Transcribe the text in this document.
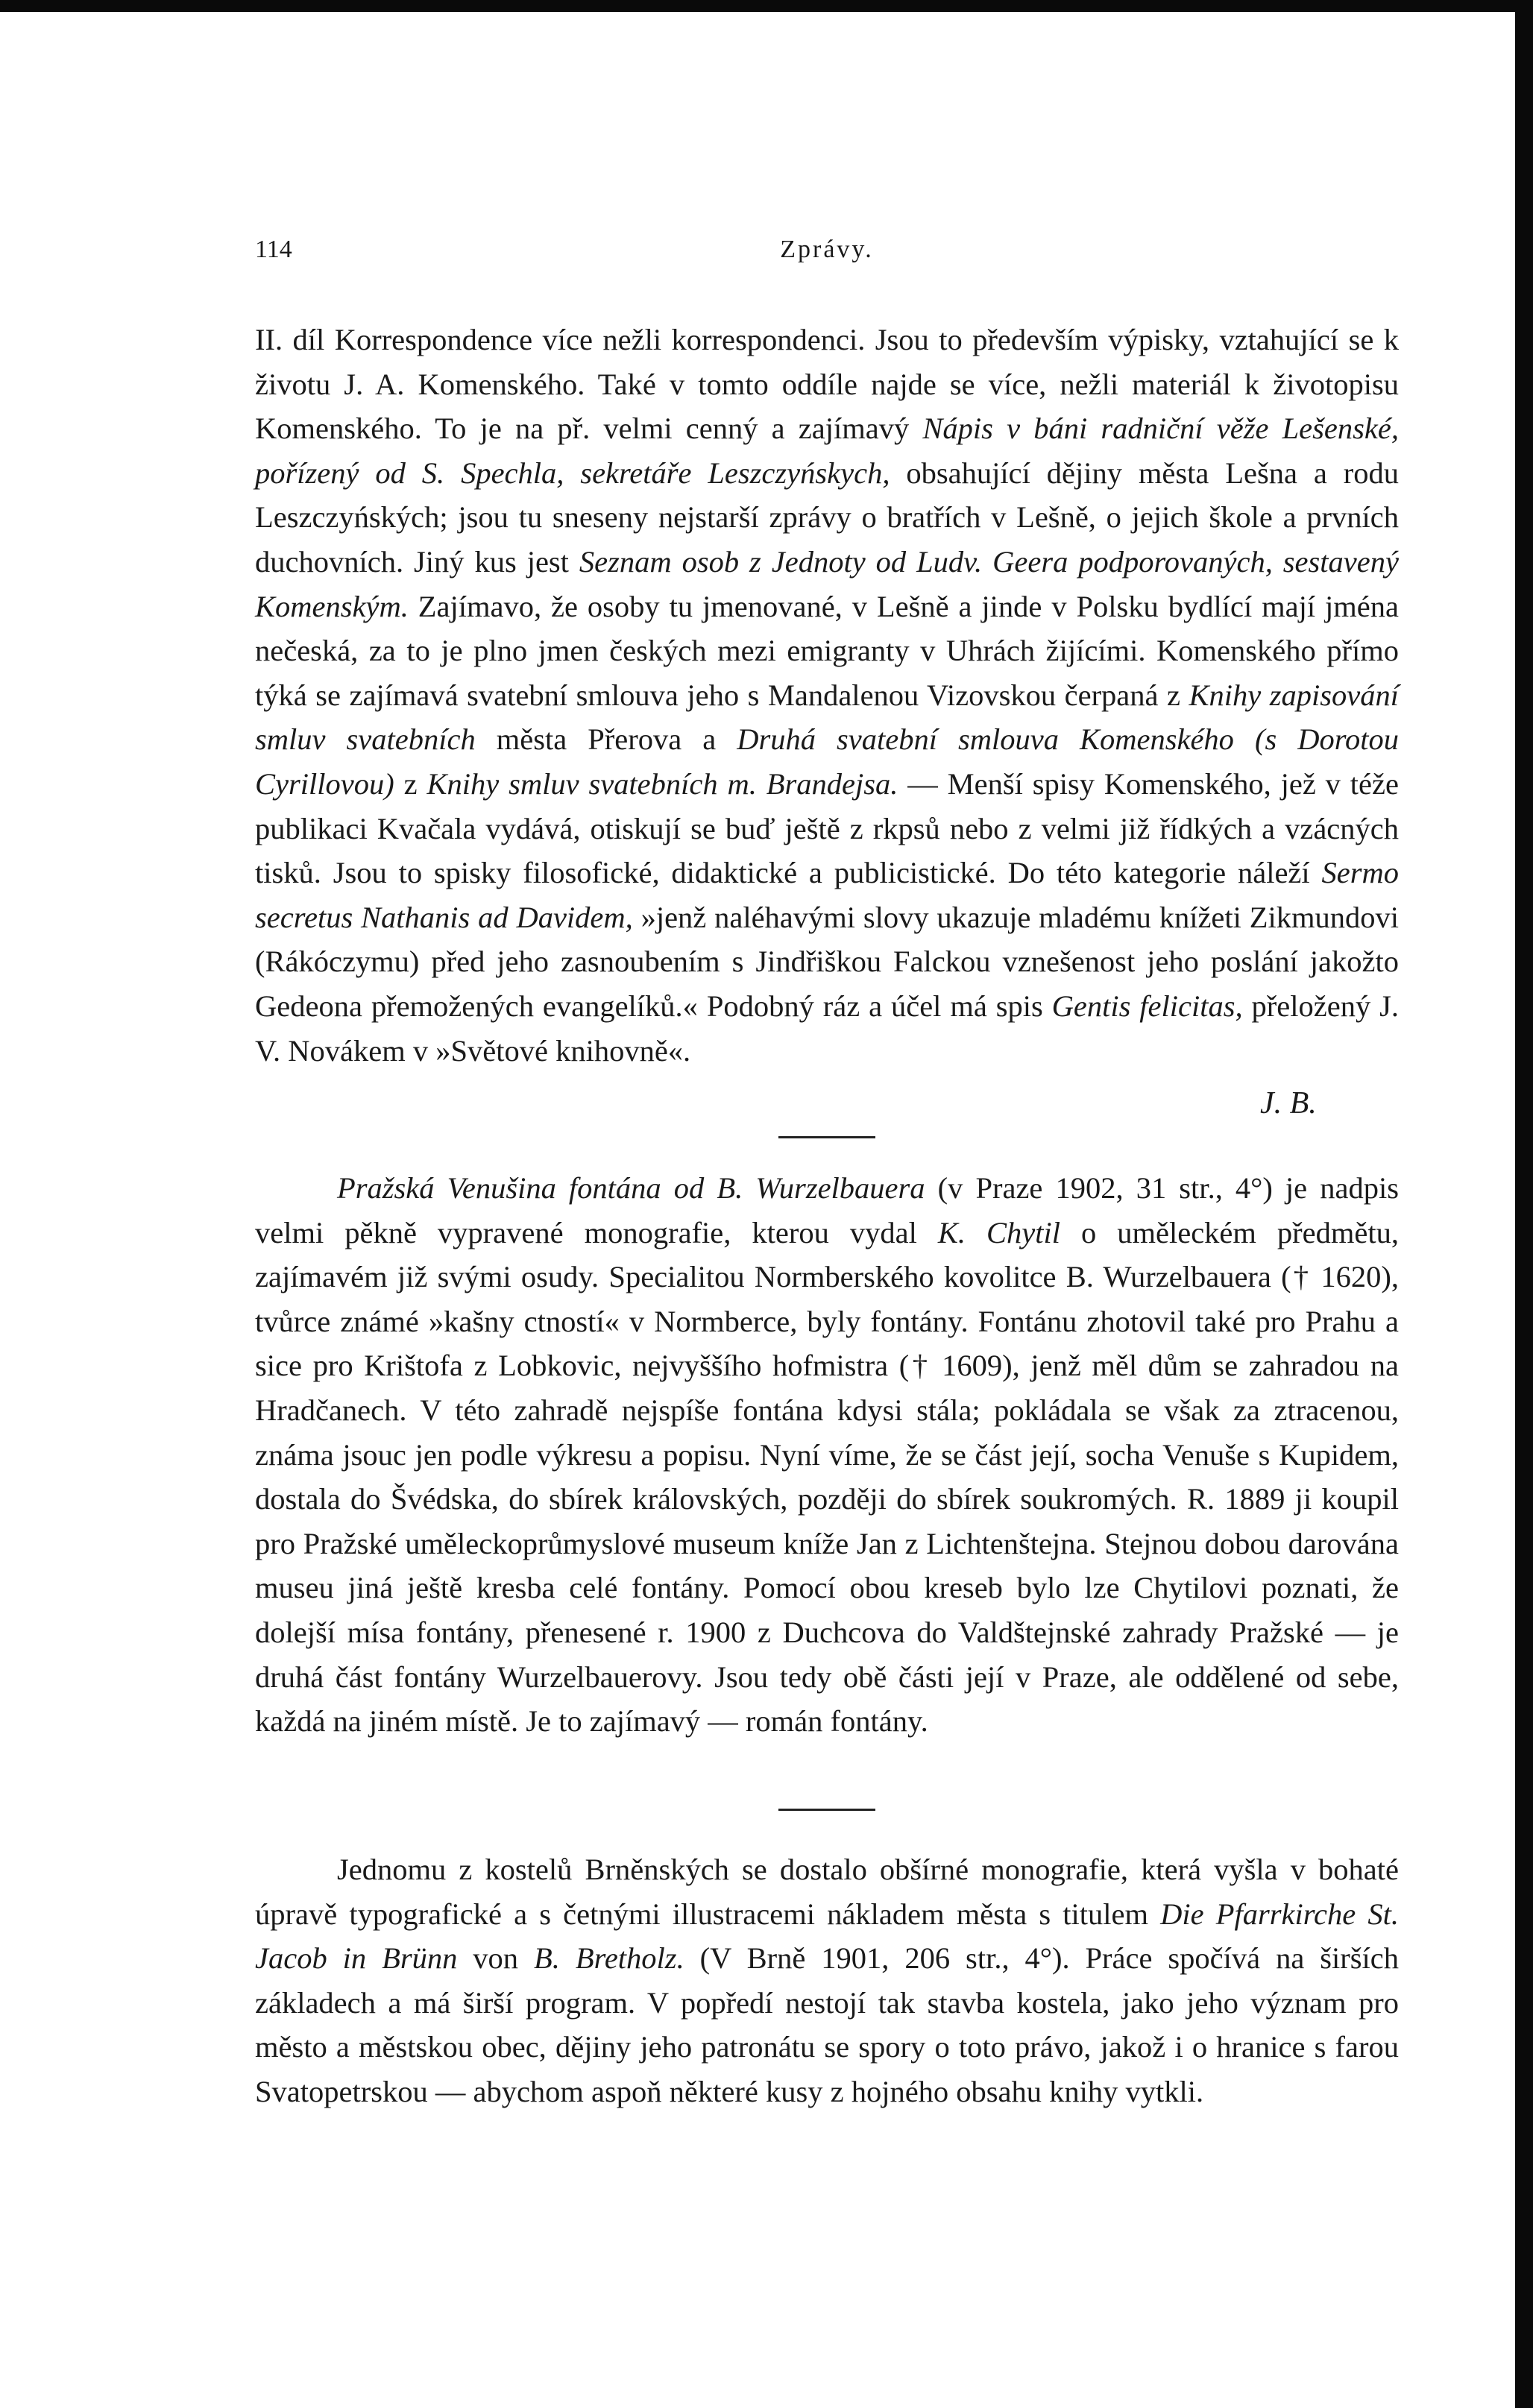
114	Zprávy.

II. díl Korrespondence více nežli korrespondenci. Jsou to především výpisky, vztahující se k životu J. A. Komenského. Také v tomto oddíle najde se více, nežli materiál k životopisu Komenského. To je na př. velmi cenný a zajímavý Nápis v báni radniční věže Lešenské, pořízený od S. Spechla, sekretáře Leszczyńskych, obsahující dějiny města Lešna a rodu Leszczyńských; jsou tu sneseny nejstarší zprávy o bratřích v Lešně, o jejich škole a prvních duchovních. Jiný kus jest Seznam osob z Jednoty od Ludv. Geera podporovaných, sestavený Komenským. Zajímavo, že osoby tu jmenované, v Lešně a jinde v Polsku bydlící mají jména nečeská, za to je plno jmen českých mezi emigranty v Uhrách žijícími. Komenského přímo týká se zajímavá svatební smlouva jeho s Mandalenou Vizovskou čerpaná z Knihy zapisování smluv svatebních města Přerova a Druhá svatební smlouva Komenského (s Dorotou Cyrillovou) z Knihy smluv svatebních m. Brandejsa. — Menší spisy Komenského, jež v téže publikaci Kvačala vydává, otiskují se buď ještě z rkpsů nebo z velmi již řídkých a vzácných tisků. Jsou to spisky filosofické, didaktické a publicistické. Do této kategorie náleží Sermo secretus Nathanis ad Davidem, »jenž naléhavými slovy ukazuje mladému knížeti Zikmundovi (Rákóczymu) před jeho zasnoubením s Jindřiškou Falckou vznešenost jeho poslání jakožto Gedeona přemožených evangelíků.« Podobný ráz a účel má spis Gentis felicitas, přeložený J. V. Novákem v »Světové knihovně«.

J. B.

Pražská Venušina fontána od B. Wurzelbauera (v Praze 1902, 31 str., 4°) je nadpis velmi pěkně vypravené monografie, kterou vydal K. Chytil o uměleckém předmětu, zajímavém již svými osudy. Specialitou Normberského kovolitce B. Wurzelbauera († 1620), tvůrce známé »kašny ctností« v Normberce, byly fontány. Fontánu zhotovil také pro Prahu a sice pro Krištofa z Lobkovic, nejvyššího hofmistra († 1609), jenž měl dům se zahradou na Hradčanech. V této zahradě nejspíše fontána kdysi stála; pokládala se však za ztracenou, známa jsouc jen podle výkresu a popisu. Nyní víme, že se část její, socha Venuše s Kupidem, dostala do Švédska, do sbírek královských, později do sbírek soukromých. R. 1889 ji koupil pro Pražské uměleckoprůmyslové museum kníže Jan z Lichtenštejna. Stejnou dobou darována museu jiná ještě kresba celé fontány. Pomocí obou kreseb bylo lze Chytilovi poznati, že dolejší mísa fontány, přenesené r. 1900 z Duchcova do Valdštejnské zahrady Pražské — je druhá část fontány Wurzelbauerovy. Jsou tedy obě části její v Praze, ale oddělené od sebe, každá na jiném místě. Je to zajímavý — román fontány.

Jednomu z kostelů Brněnských se dostalo obšírné monografie, která vyšla v bohaté úpravě typografické a s četnými illustracemi nákladem města s titulem Die Pfarrkirche St. Jacob in Brünn von B. Bretholz. (V Brně 1901, 206 str., 4°). Práce spočívá na širších základech a má širší program. V popředí nestojí tak stavba kostela, jako jeho význam pro město a městskou obec, dějiny jeho patronátu se spory o toto právo, jakož i o hranice s farou Svatopetrskou — abychom aspoň některé kusy z hojného obsahu knihy vytkli.
